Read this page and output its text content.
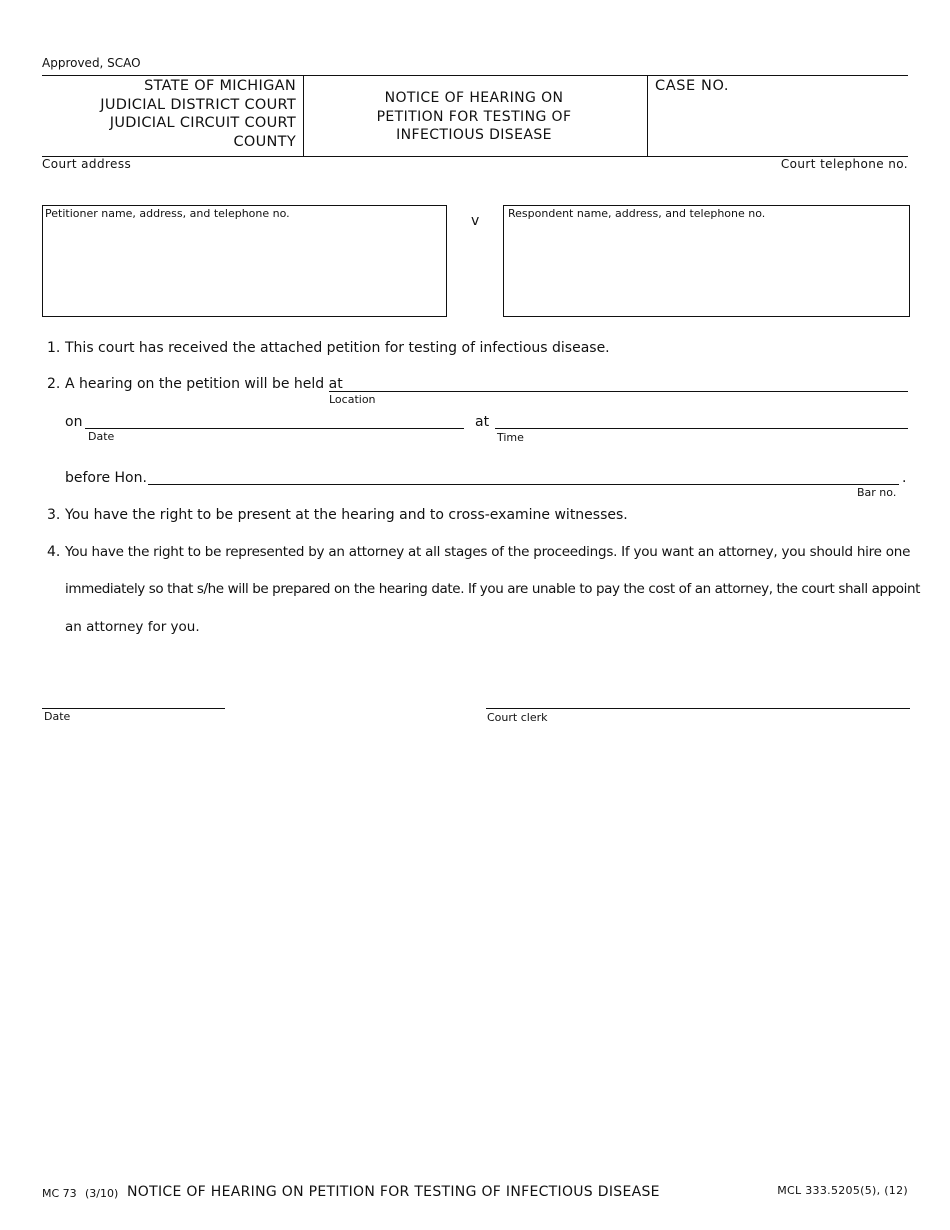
Approved, SCAO
STATE OF MICHIGAN
JUDICIAL DISTRICT COURT
JUDICIAL CIRCUIT COURT
COUNTY
NOTICE OF HEARING ON
PETITION FOR TESTING OF
INFECTIOUS DISEASE
CASE NO.
Court address	Court telephone no.
Petitioner name, address, and telephone no.	v	Respondent name, address, and telephone no.
1. This court has received the attached petition for testing of infectious disease.
2. A hearing on the petition will be held at
Location
on
Date
at
Time
before Hon.	.
Bar no.
3. You have the right to be present at the hearing and to cross-examine witnesses.
4. You have the right to be represented by an attorney at all stages of the proceedings. If you want an attorney, you should hire one
immediately so that s/he will be prepared on the hearing date. If you are unable to pay the cost of an attorney, the court shall appoint
an attorney for you.
Date	Court clerk
MC 73 (3/10) NOTICE OF HEARING ON PETITION FOR TESTING OF INFECTIOUS DISEASE	MCL 333.5205(5), (12)
